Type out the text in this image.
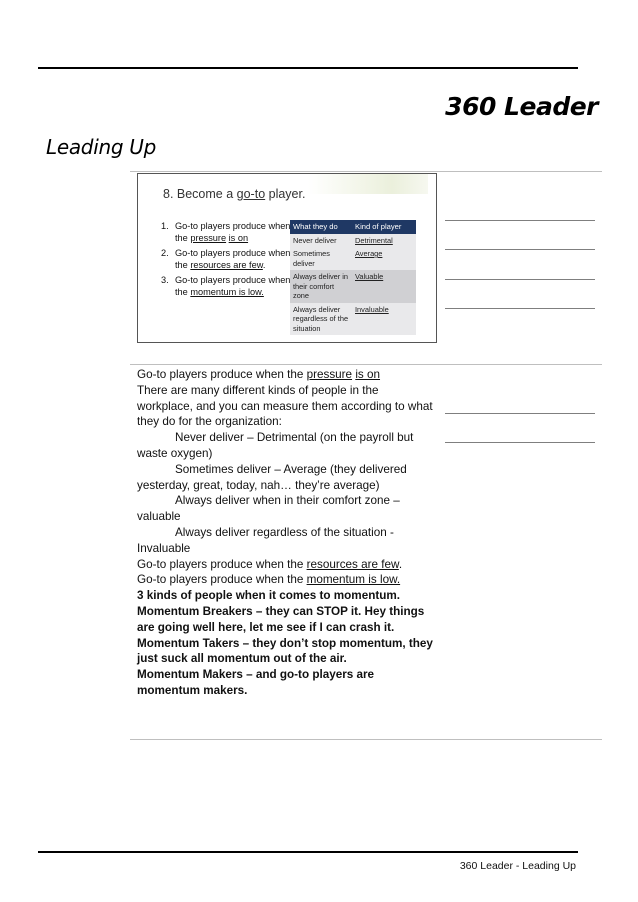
360 Leader
Leading Up
8. Become a go-to player.
1. Go-to players produce when the pressure is on
2. Go-to players produce when the resources are few.
3. Go-to players produce when the momentum is low.
What they do	Kind of player
Never deliver	Detrimental
Sometimes deliver	Average
Always deliver in their comfort zone	Valuable
Always deliver regardless of the situation	Invaluable

Go-to players produce when the pressure is on

There are many different kinds of people in the workplace, and you can measure them according to what they do for the organization:

Never deliver – Detrimental (on the payroll but waste oxygen)

Sometimes deliver – Average (they delivered yesterday, great, today, nah… they’re average)

Always deliver when in their comfort zone – valuable

Always deliver regardless of the situation - Invaluable

Go-to players produce when the resources are few.

Go-to players produce when the momentum is low.

3 kinds of people when it comes to momentum.

Momentum Breakers – they can STOP it. Hey things are going well here, let me see if I can crash it.

Momentum Takers – they don’t stop momentum, they just suck all momentum out of the air.

Momentum Makers – and go-to players are momentum makers.

360 Leader - Leading Up
